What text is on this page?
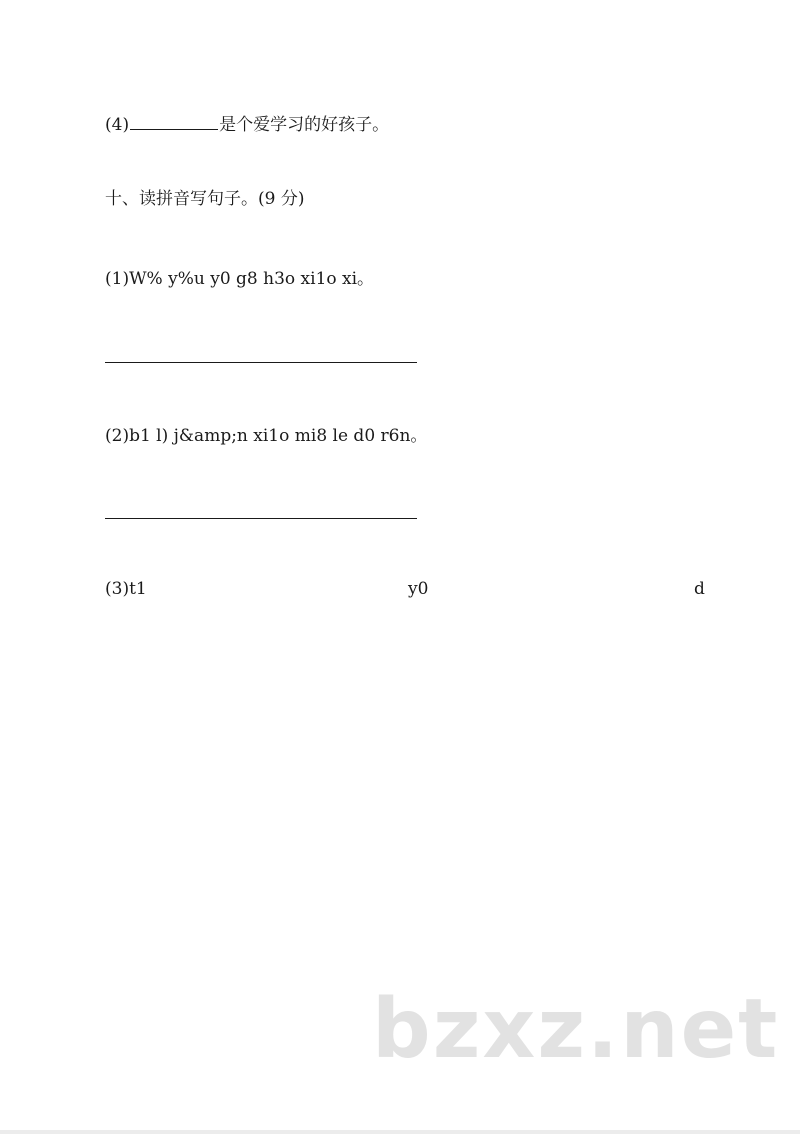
(4)	是个爱学习的好孩子。
十、读拼音写句子。(9 分)
(1)W% y%u y0 g8 h3o xi1o xi。
(2)b1 l) j&amp;n xi1o mi8 le d0 r6n。
(3)t1	y0	d
bzxz.net
